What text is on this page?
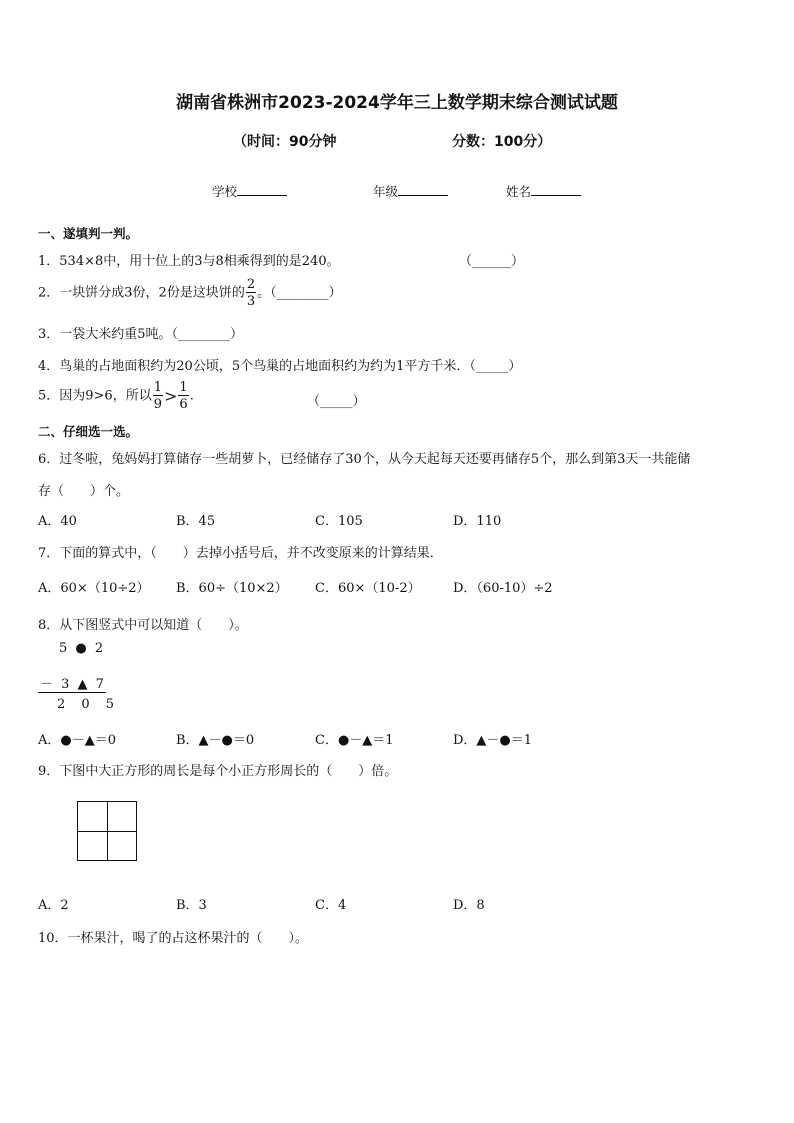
湖南省株洲市2023-2024学年三上数学期末综合测试试题
（时间：90分钟	分数：100分）
学校	年级	姓名
一、遂填判一判。
1．534×8中，用十位上的3与8相乘得到的是240。	（______）
2．一块饼分成3份，2份是这块饼的 $\frac{2}{3}$ 。（________）
3．一袋大米约重5吨。（________）
4．鸟巢的占地面积约为20公顷，5个鸟巢的占地面积约为约为1平方千米．（_____）
5．因为9>6，所以 $\frac{1}{9} > \frac{1}{6}$ .	（_____）
二、仔细选一选。
6．过冬啦，兔妈妈打算储存一些胡萝卜，已经储存了30个，从今天起每天还要再储存5个，那么到第3天一共能储
存（　　）个。
A．40	B．45	C．105	D．110
7．下面的算式中，（　　）去掉小括号后，并不改变原来的计算结果．
A．60×（10÷2） B．60÷（10×2） C．60×（10-2） D．（60-10）÷2
8．从下图竖式中可以知道（　　）。
5 ● 2
－ 3 ▲ 7
2 0 5
A．●－▲＝0	B．▲－●＝0	C．●－▲＝1	D．▲－●＝1
9．下图中大正方形的周长是每个小正方形周长的（　　）倍。
A．2	B．3	C．4	D．8
10．一杯果汁，喝了的占这杯果汁的（　　）。
